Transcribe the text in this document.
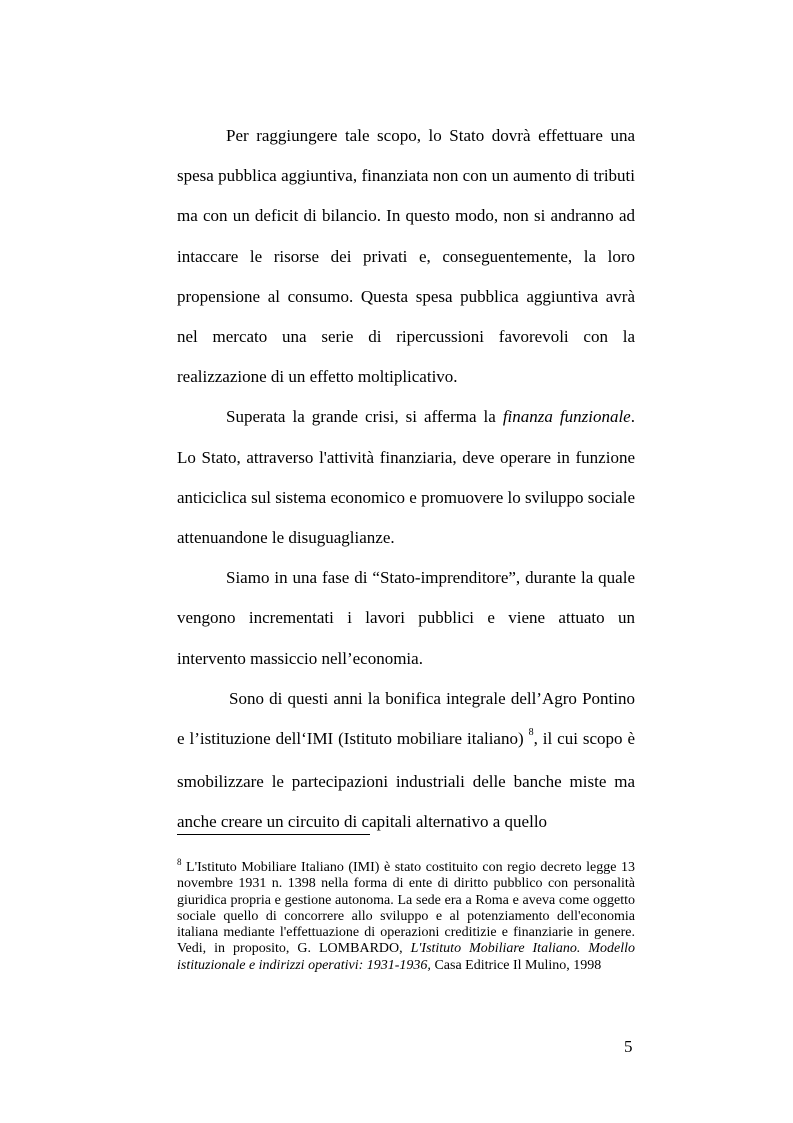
Per raggiungere tale scopo, lo Stato dovrà effettuare una spesa pubblica aggiuntiva, finanziata non con un aumento di tributi ma con un deficit di bilancio. In questo modo, non si andranno ad intaccare le risorse dei privati e, conseguentemente, la loro propensione al consumo. Questa spesa pubblica aggiuntiva avrà nel mercato una serie di ripercussioni favorevoli con la realizzazione di un effetto moltiplicativo.

Superata la grande crisi, si afferma la finanza funzionale. Lo Stato, attraverso l'attività finanziaria, deve operare in funzione anticiclica sul sistema economico e promuovere lo sviluppo sociale attenuandone le disuguaglianze.

Siamo in una fase di “Stato-imprenditore”, durante la quale vengono incrementati i lavori pubblici e viene attuato un intervento massiccio nell’economia.

Sono di questi anni la bonifica integrale dell’Agro Pontino e l’istituzione dell‘IMI (Istituto mobiliare italiano) $^8$, il cui scopo è smobilizzare le partecipazioni industriali delle banche miste ma anche creare un circuito di capitali alternativo a quello

$^8$ L'Istituto Mobiliare Italiano (IMI) è stato costituito con regio decreto legge 13 novembre 1931 n. 1398 nella forma di ente di diritto pubblico con personalità giuridica propria e gestione autonoma. La sede era a Roma e aveva come oggetto sociale quello di concorrere allo sviluppo e al potenziamento dell'economia italiana mediante l'effettuazione di operazioni creditizie e finanziarie in genere. Vedi, in proposito, G. LOMBARDO, L'Istituto Mobiliare Italiano. Modello istituzionale e indirizzi operativi: 1931-1936, Casa Editrice Il Mulino, 1998

5
